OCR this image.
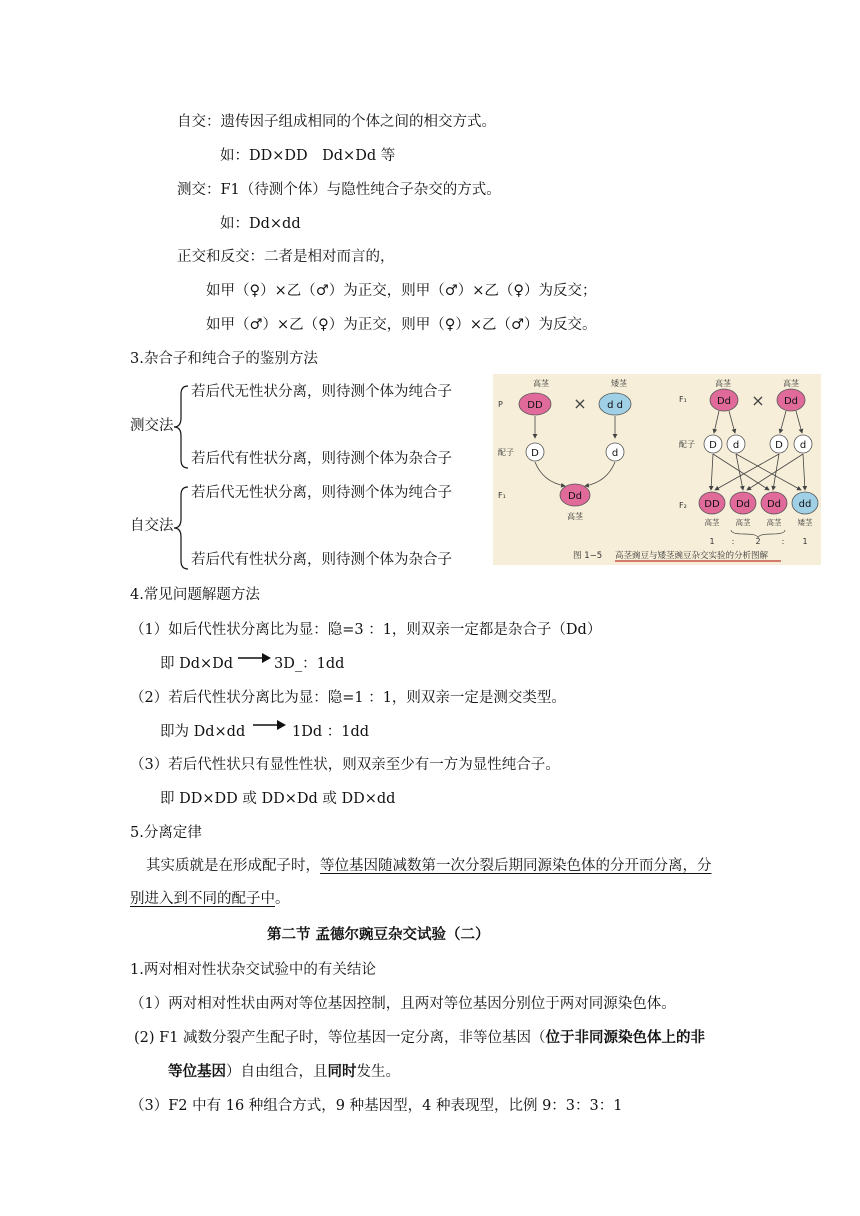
自交：遗传因子组成相同的个体之间的相交方式。
如：DD×DD　Dd×Dd 等
测交：F1（待测个体）与隐性纯合子杂交的方式。
如：Dd×dd
正交和反交：二者是相对而言的，
如甲（♀）×乙（♂）为正交，则甲（♂）×乙（♀）为反交；
如甲（♂）×乙（♀）为正交，则甲（♀）×乙（♂）为反交。
3.杂合子和纯合子的鉴别方法
若后代无性状分离，则待测个体为纯合子
测交法
若后代有性状分离，则待测个体为杂合子
若后代无性状分离，则待测个体为纯合子
自交法
若后代有性状分离，则待测个体为杂合子
高茎	矮茎
P DD × d d
配子 D	d
F₁	Dd
高茎
高茎	高茎
F₁	Dd × Dd
配子 D d	D d
F₂ DD Dd Dd dd
高茎 高茎 高茎 矮茎
1 :	2	: 1
图 1−5 高茎豌豆与矮茎豌豆杂交实验的分析图解
4.常见问题解题方法
（1）如后代性状分离比为显：隐=3 ：1，则双亲一定都是杂合子（Dd）
即 Dd×Dd	3D_：1dd
（2）若后代性状分离比为显：隐=1 ：1，则双亲一定是测交类型。
即为 Dd×dd	1Dd ：1dd
（3）若后代性状只有显性性状，则双亲至少有一方为显性纯合子。
即 DD×DD 或 DD×Dd 或 DD×dd
5.分离定律
其实质就是在形成配子时，等位基因随减数第一次分裂后期同源染色体的分开而分离，分
别进入到不同的配子中。
第二节 孟德尔豌豆杂交试验（二）
1.两对相对性状杂交试验中的有关结论
（1）两对相对性状由两对等位基因控制，且两对等位基因分别位于两对同源染色体。
(2) F1 减数分裂产生配子时，等位基因一定分离，非等位基因（位于非同源染色体上的非
等位基因）自由组合，且同时发生。
（3）F2 中有 16 种组合方式，9 种基因型，4 种表现型，比例 9：3：3：1
